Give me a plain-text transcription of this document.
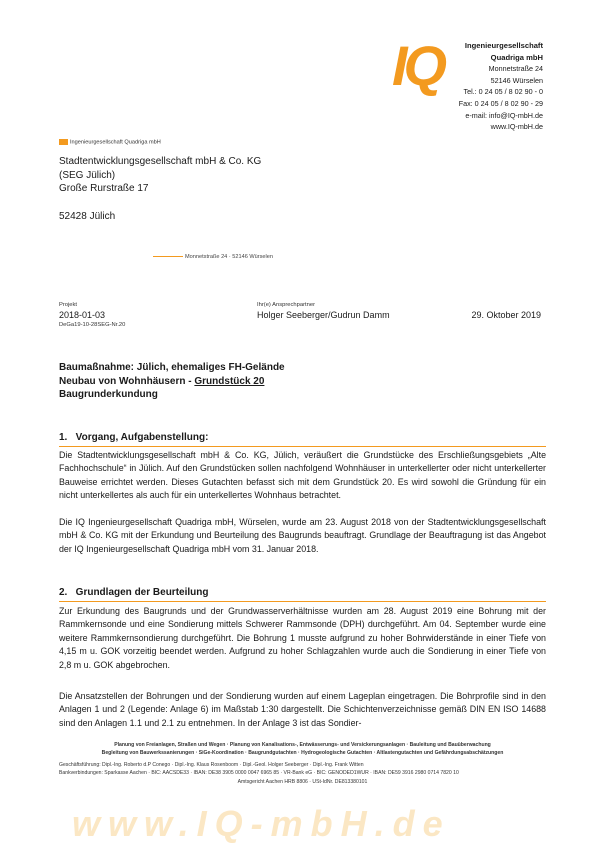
IQ	Ingenieurgesellschaft
Quadriga mbH
Monnetstraße 24
52146 Würselen
Tel.: 0 24 05 / 8 02 90 - 0
Fax: 0 24 05 / 8 02 90 - 29
e-mail: info@IQ-mbH.de
www.IQ-mbH.de
Ingenieurgesellschaft Quadriga mbH
Stadtentwicklungsgesellschaft mbH & Co. KG
(SEG Jülich)
Große Rurstraße 17
52428 Jülich
Monnetstraße 24 · 52146 Würselen
Projekt
2018-01-03
DeGa19-10-28SEG-Nr.20
Ihr(e) Ansprechpartner
Holger Seeberger/Gudrun Damm	29. Oktober 2019
Baumaßnahme: Jülich, ehemaliges FH-Gelände
Neubau von Wohnhäusern - Grundstück 20
Baugrunderkundung
1.   Vorgang, Aufgabenstellung:
Die Stadtentwicklungsgesellschaft mbH & Co. KG, Jülich, veräußert die Grundstücke des Erschließungsgebiets „Alte Fachhochschule“ in Jülich. Auf den Grundstücken sollen nachfolgend Wohnhäuser in unterkellerter oder nicht unterkellerter Bauweise errichtet werden. Dieses Gutachten befasst sich mit dem Grundstück 20. Es wird sowohl die Gründung für ein nicht unterkellertes als auch für ein unterkellertes Wohnhaus betrachtet.
Die IQ Ingenieurgesellschaft Quadriga mbH, Würselen, wurde am 23. August 2018 von der Stadtentwicklungsgesellschaft mbH & Co. KG mit der Erkundung und Beurteilung des Baugrunds beauftragt. Grundlage der Beauftragung ist das Angebot der IQ Ingenieurgesellschaft Quadriga mbH vom 31. Januar 2018.
2.   Grundlagen der Beurteilung
Zur Erkundung des Baugrunds und der Grundwasserverhältnisse wurden am 28. August 2019 eine Bohrung mit der Rammkernsonde und eine Sondierung mittels Schwerer Rammsonde (DPH) durchgeführt. Am 04. September wurde eine weitere Rammkernsondierung durchgeführt. Die Bohrung 1 musste aufgrund zu hoher Bohrwiderstände in einer Tiefe von 4,15 m u. GOK vorzeitig beendet werden. Aufgrund zu hoher Schlagzahlen wurde auch die Sondierung in einer Tiefe von 2,8 m u. GOK abgebrochen.
Die Ansatzstellen der Bohrungen und der Sondierung wurden auf einem Lageplan eingetragen. Die Bohrprofile sind in den Anlagen 1 und 2 (Legende: Anlage 6) im Maßstab 1:30 dargestellt. Die Schichtenverzeichnisse gemäß DIN EN ISO 14688 sind den Anlagen 1.1 und 2.1 zu entnehmen. In der Anlage 3 ist das Sondier-
Planung von Freianlagen, Straßen und Wegen · Planung von Kanalisations-, Entwässerungs- und Versickerungsanlagen · Bauleitung und Bauüberwachung
Begleitung von Bauwerkssanierungen · SiGe-Koordination · Baugrundgutachten · Hydrogeologische Gutachten · Altlastengutachten und Gefährdungsabschätzungen
Geschäftsführung: Dipl.-Ing. Roberto d.P Conego · Dipl.-Ing. Klaus Rosenboom · Dipl.-Geol. Holger Seeberger · Dipl.-Ing. Frank Witten
Bankverbindungen: Sparkasse Aachen · BIC: AACSDE33 · IBAN: DE38 3905 0000 0047 6965 85 · VR-Bank eG · BIC: GENODED1WUR · IBAN: DE59 3916 2980 0714 7820 10
Amtsgericht Aachen HRB 8806 · USt-IdNr. DE813380101
www.IQ-mbH.de
